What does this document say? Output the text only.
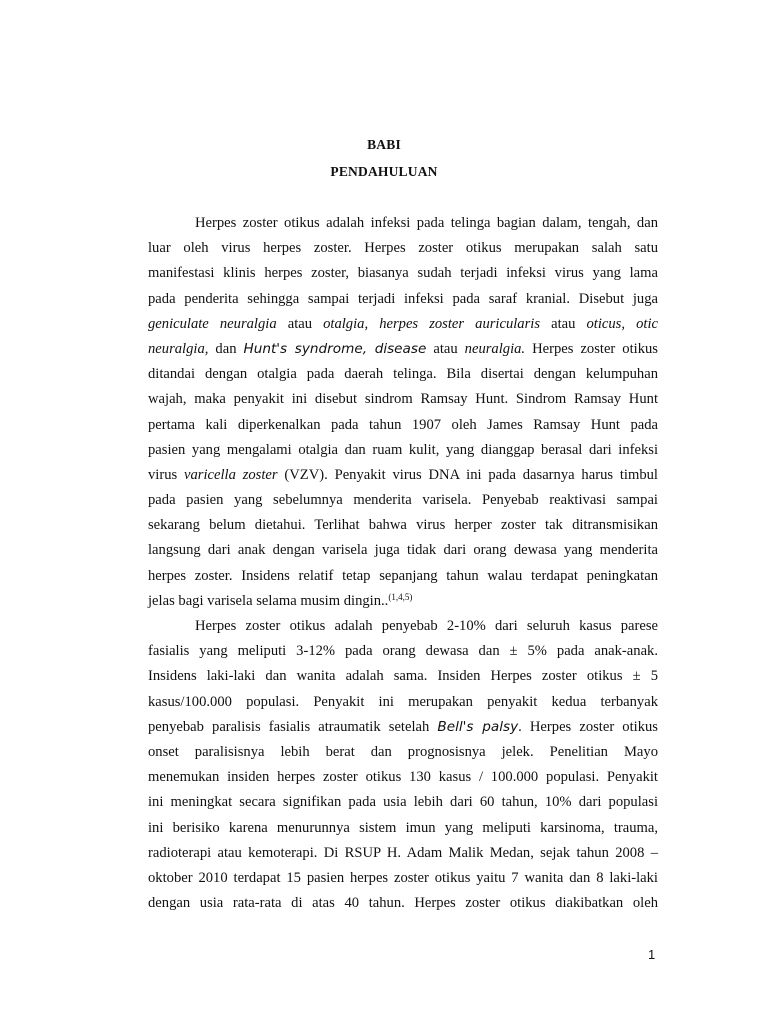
BABI
PENDAHULUAN
Herpes zoster otikus adalah infeksi pada telinga bagian dalam, tengah, dan
luar oleh virus herpes zoster. Herpes zoster otikus merupakan salah satu
manifestasi klinis herpes zoster, biasanya sudah terjadi infeksi virus yang lama
pada penderita sehingga sampai terjadi infeksi pada saraf kranial. Disebut juga
geniculate neuralgia atau otalgia, herpes zoster auricularis atau oticus, otic
neuralgia, dan Hunt's syndrome, disease atau neuralgia. Herpes zoster otikus
ditandai dengan otalgia pada daerah telinga. Bila disertai dengan kelumpuhan
wajah, maka penyakit ini disebut sindrom Ramsay Hunt. Sindrom Ramsay Hunt
pertama kali diperkenalkan pada tahun 1907 oleh James Ramsay Hunt pada
pasien yang mengalami otalgia dan ruam kulit, yang dianggap berasal dari infeksi
virus varicella zoster (VZV). Penyakit virus DNA ini pada dasarnya harus timbul
pada pasien yang sebelumnya menderita varisela. Penyebab reaktivasi sampai
sekarang belum dietahui. Terlihat bahwa virus herper zoster tak ditransmisikan
langsung dari anak dengan varisela juga tidak dari orang dewasa yang menderita
herpes zoster. Insidens relatif tetap sepanjang tahun walau terdapat peningkatan
jelas bagi varisela selama musim dingin..$^{(1,4,5)}$
Herpes zoster otikus adalah penyebab 2-10% dari seluruh kasus parese
fasialis yang meliputi 3-12% pada orang dewasa dan ± 5% pada anak-anak.
Insidens laki-laki dan wanita adalah sama. Insiden Herpes zoster otikus ± 5
kasus/100.000 populasi. Penyakit ini merupakan penyakit kedua terbanyak
penyebab paralisis fasialis atraumatik setelah Bell's palsy. Herpes zoster otikus
onset paralisisnya lebih berat dan prognosisnya jelek. Penelitian Mayo
menemukan insiden herpes zoster otikus 130 kasus / 100.000 populasi. Penyakit
ini meningkat secara signifikan pada usia lebih dari 60 tahun, 10% dari populasi
ini berisiko karena menurunnya sistem imun yang meliputi karsinoma, trauma,
radioterapi atau kemoterapi. Di RSUP H. Adam Malik Medan, sejak tahun 2008 –
oktober 2010 terdapat 15 pasien herpes zoster otikus yaitu 7 wanita dan 8 laki-laki
dengan usia rata-rata di atas 40 tahun. Herpes zoster otikus diakibatkan oleh
1
